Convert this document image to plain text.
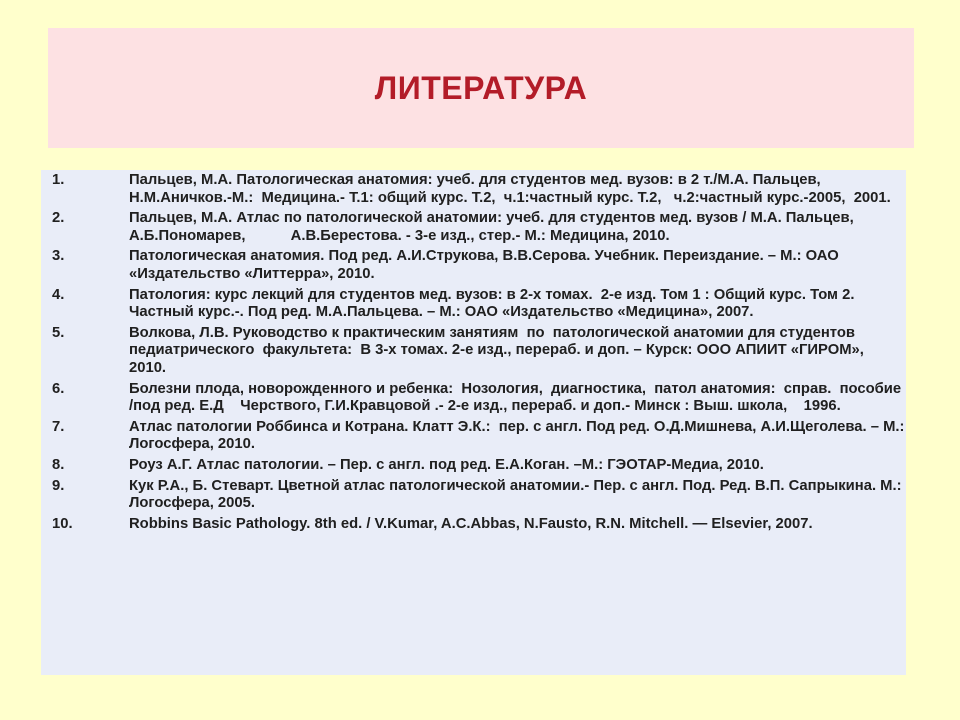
ЛИТЕРАТУРА
1.	Пальцев, М.А. Патологическая анатомия: учеб. для студентов мед. вузов: в 2 т./М.А. Пальцев, Н.М.Аничков.-М.:  Медицина.- Т.1: общий курс. Т.2,  ч.1:частный курс. Т.2,   ч.2:частный курс.-2005,  2001.
2.	Пальцев, М.А. Атлас по патологической анатомии: учеб. для студентов мед. вузов / М.А. Пальцев, А.Б.Пономарев,           А.В.Берестова. - 3-е изд., стер.- М.: Медицина, 2010.
3.	Патологическая анатомия. Под ред. А.И.Струкова, В.В.Серова. Учебник. Переиздание. – М.: ОАО «Издательство «Литтерра», 2010.
4.	Патология: курс лекций для студентов мед. вузов: в 2-х томах.  2-е изд. Том 1 : Общий курс. Том 2.  Частный курс.-. Под ред. М.А.Пальцева. – М.: ОАО «Издательство «Медицина», 2007.
5.	Волкова, Л.В. Руководство к практическим занятиям  по  патологической анатомии для студентов педиатрического  факультета:  В 3-х томах. 2-е изд., перераб. и доп. – Курск: ООО АПИИТ «ГИРОМ», 2010.
6.	Болезни плода, новорожденного и ребенка:  Нозология,  диагностика,  патол анатомия:  справ.  пособие /под ред. Е.Д    Черствого, Г.И.Кравцовой .- 2-е изд., перераб. и доп.- Минск : Выш. школа,    1996.
7.	Атлас патологии Роббинса и Котрана. Клатт Э.К.:  пер. с англ. Под ред. О.Д.Мишнева, А.И.Щеголева. – М.: Логосфера, 2010.
8.	Роуз А.Г. Атлас патологии. – Пер. с англ. под ред. Е.А.Коган. –М.: ГЭОТАР-Медиа, 2010.
9.	Кук Р.А., Б. Стеварт. Цветной атлас патологической анатомии.- Пер. с англ. Под. Ред. В.П. Сапрыкина. М.: Логосфера, 2005.
10.	Robbins Basic Pathology. 8th ed. / V.Kumar, A.C.Abbas, N.Fausto, R.N. Mitchell. — Elsevier, 2007.
